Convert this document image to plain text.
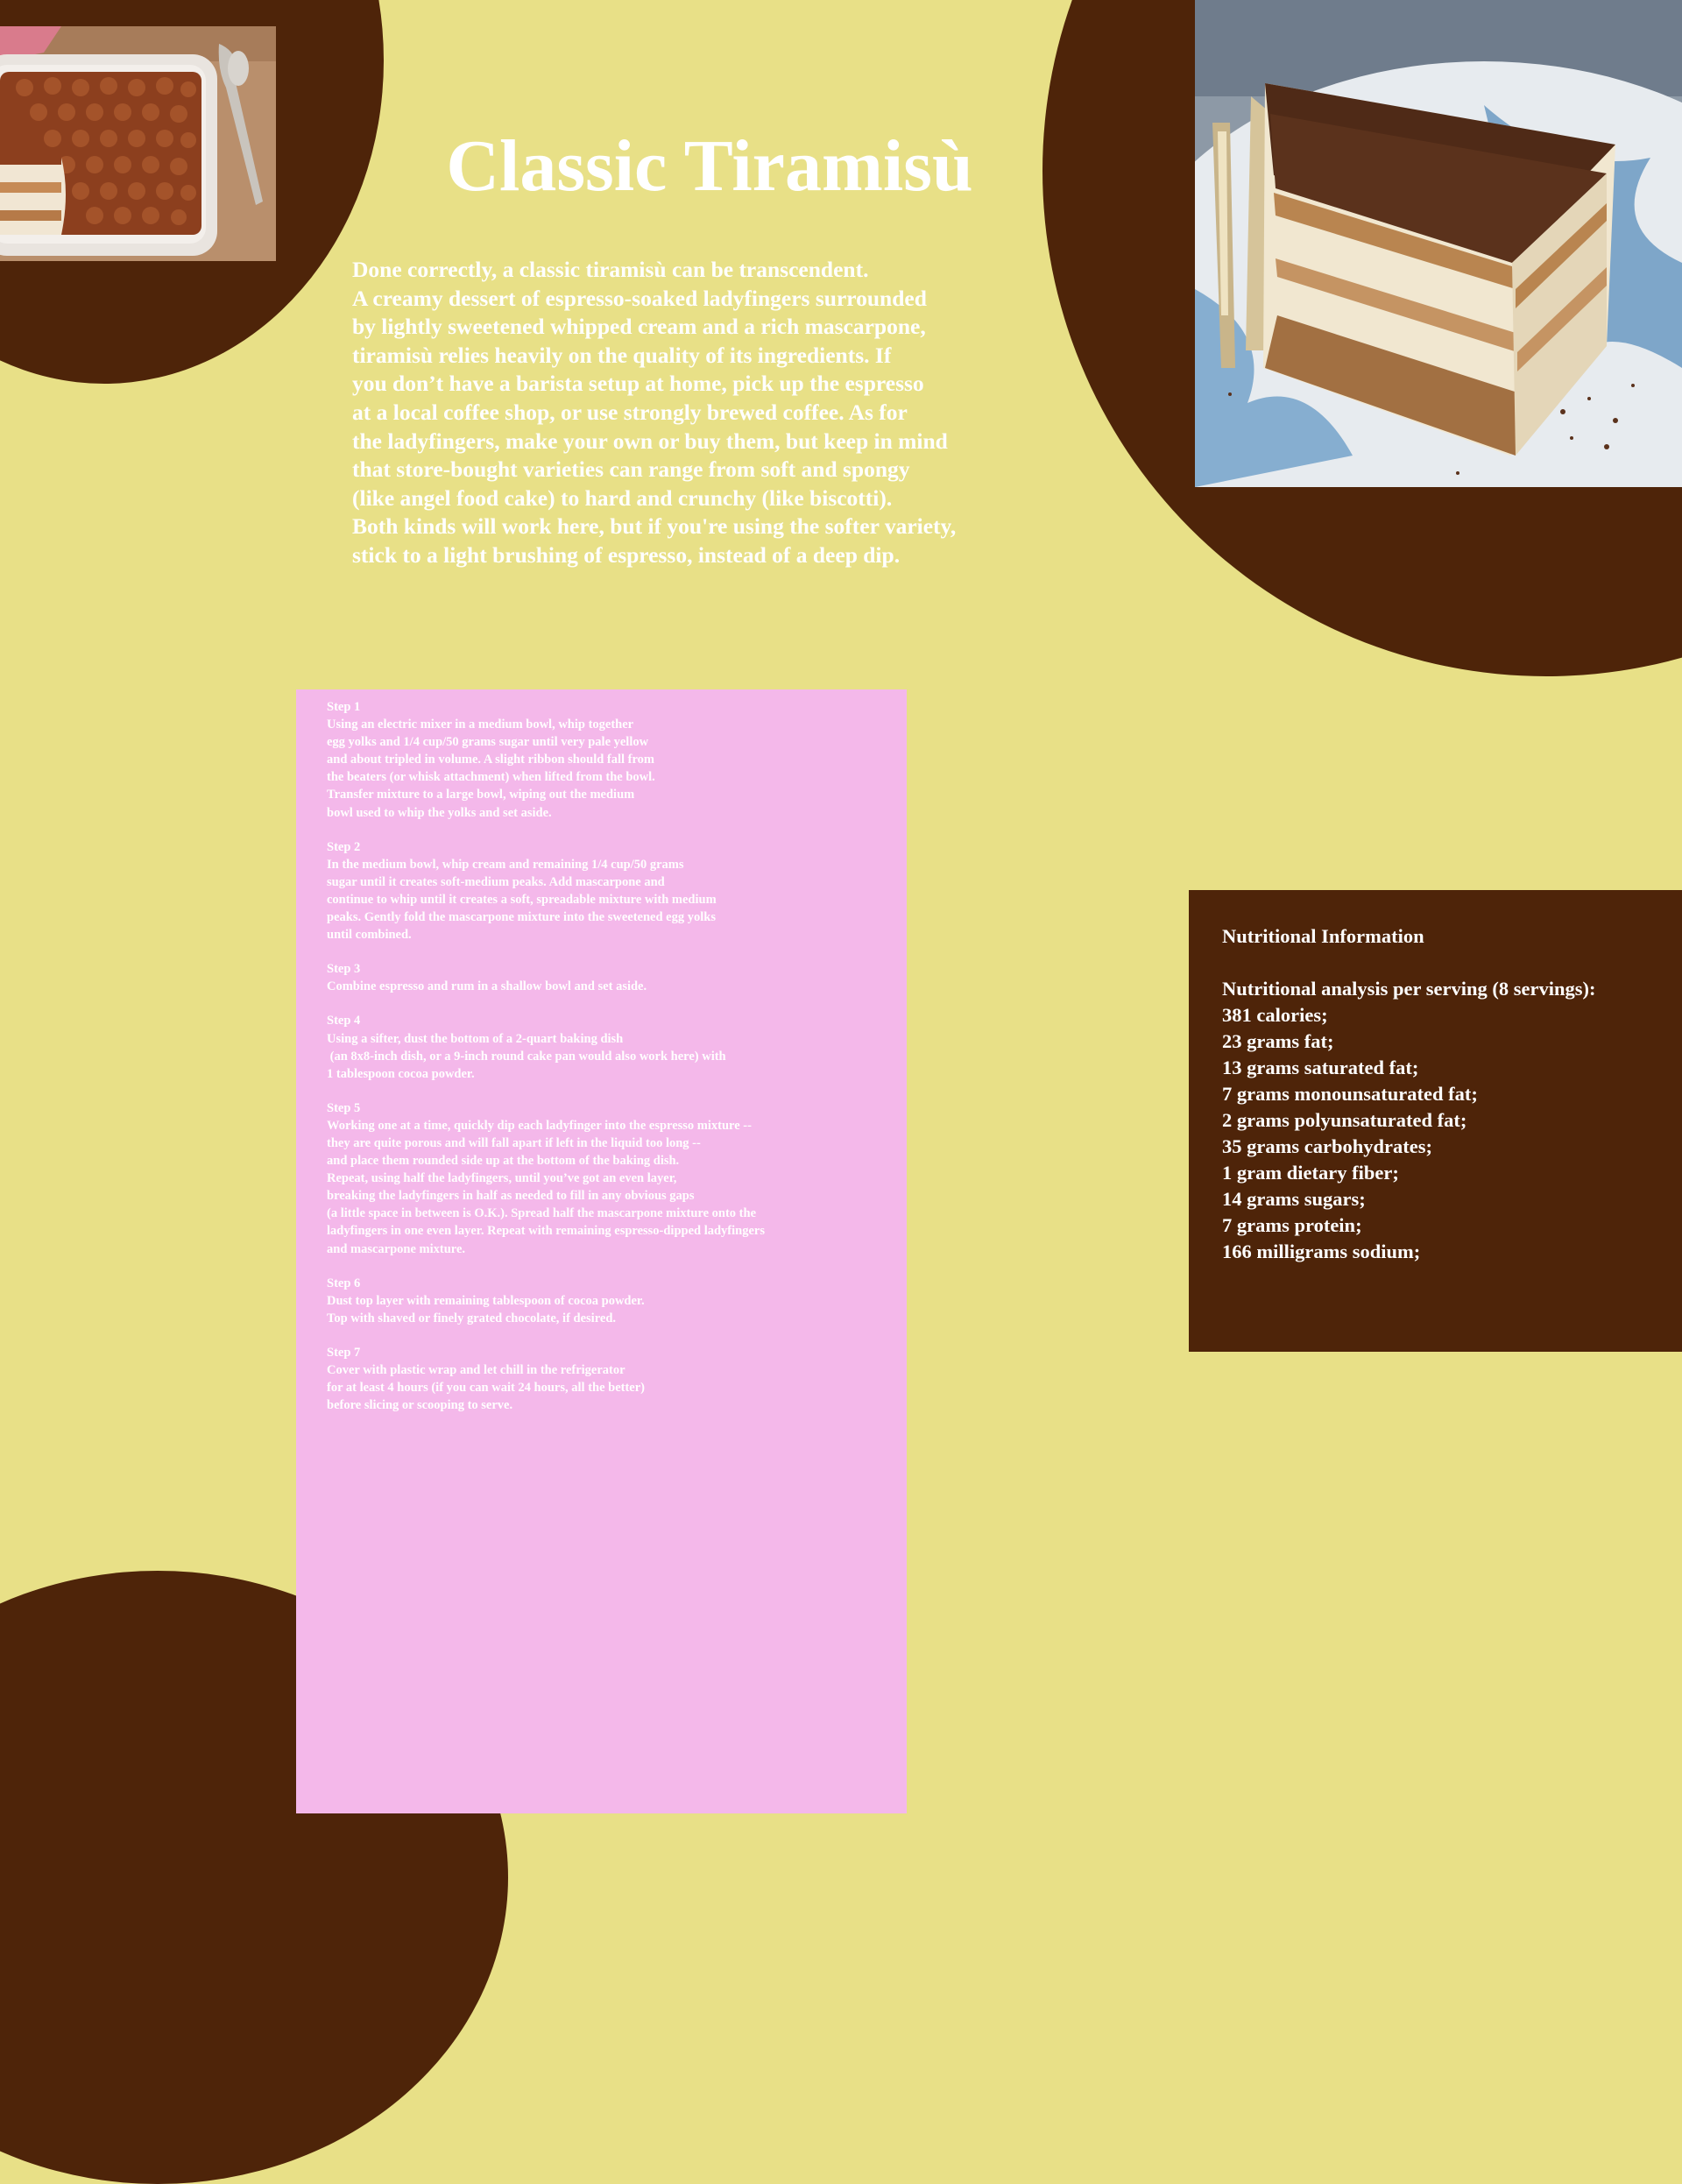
Classic Tiramisù

Done correctly, a classic tiramisù can be transcendent.
A creamy dessert of espresso-soaked ladyfingers surrounded
by lightly sweetened whipped cream and a rich mascarpone,
tiramisù relies heavily on the quality of its ingredients. If
you don’t have a barista setup at home, pick up the espresso
at a local coffee shop, or use strongly brewed coffee. As for
the ladyfingers, make your own or buy them, but keep in mind
that store-bought varieties can range from soft and spongy
(like angel food cake) to hard and crunchy (like biscotti).
Both kinds will work here, but if you're using the softer variety,
stick to a light brushing of espresso, instead of a deep dip.

Step 1
Using an electric mixer in a medium bowl, whip together
egg yolks and 1/4 cup/50 grams sugar until very pale yellow
and about tripled in volume. A slight ribbon should fall from
the beaters (or whisk attachment) when lifted from the bowl.
Transfer mixture to a large bowl, wiping out the medium
bowl used to whip the yolks and set aside.
Step 2
In the medium bowl, whip cream and remaining 1/4 cup/50 grams
sugar until it creates soft-medium peaks. Add mascarpone and
continue to whip until it creates a soft, spreadable mixture with medium
peaks. Gently fold the mascarpone mixture into the sweetened egg yolks
until combined.
Step 3
Combine espresso and rum in a shallow bowl and set aside.
Step 4
Using a sifter, dust the bottom of a 2-quart baking dish
(an 8x8-inch dish, or a 9-inch round cake pan would also work here) with
1 tablespoon cocoa powder.
Step 5
Working one at a time, quickly dip each ladyfinger into the espresso mixture --
they are quite porous and will fall apart if left in the liquid too long --
and place them rounded side up at the bottom of the baking dish.
Repeat, using half the ladyfingers, until you’ve got an even layer,
breaking the ladyfingers in half as needed to fill in any obvious gaps
(a little space in between is O.K.). Spread half the mascarpone mixture onto the
ladyfingers in one even layer. Repeat with remaining espresso-dipped ladyfingers
and mascarpone mixture.
Step 6
Dust top layer with remaining tablespoon of cocoa powder.
Top with shaved or finely grated chocolate, if desired.
Step 7
Cover with plastic wrap and let chill in the refrigerator
for at least 4 hours (if you can wait 24 hours, all the better)
before slicing or scooping to serve.
Nutritional Information
Nutritional analysis per serving (8 servings):
381 calories;
23 grams fat;
13 grams saturated fat;
7 grams monounsaturated fat;
2 grams polyunsaturated fat;
35 grams carbohydrates;
1 gram dietary fiber;
14 grams sugars;
7 grams protein;
166 milligrams sodium;
